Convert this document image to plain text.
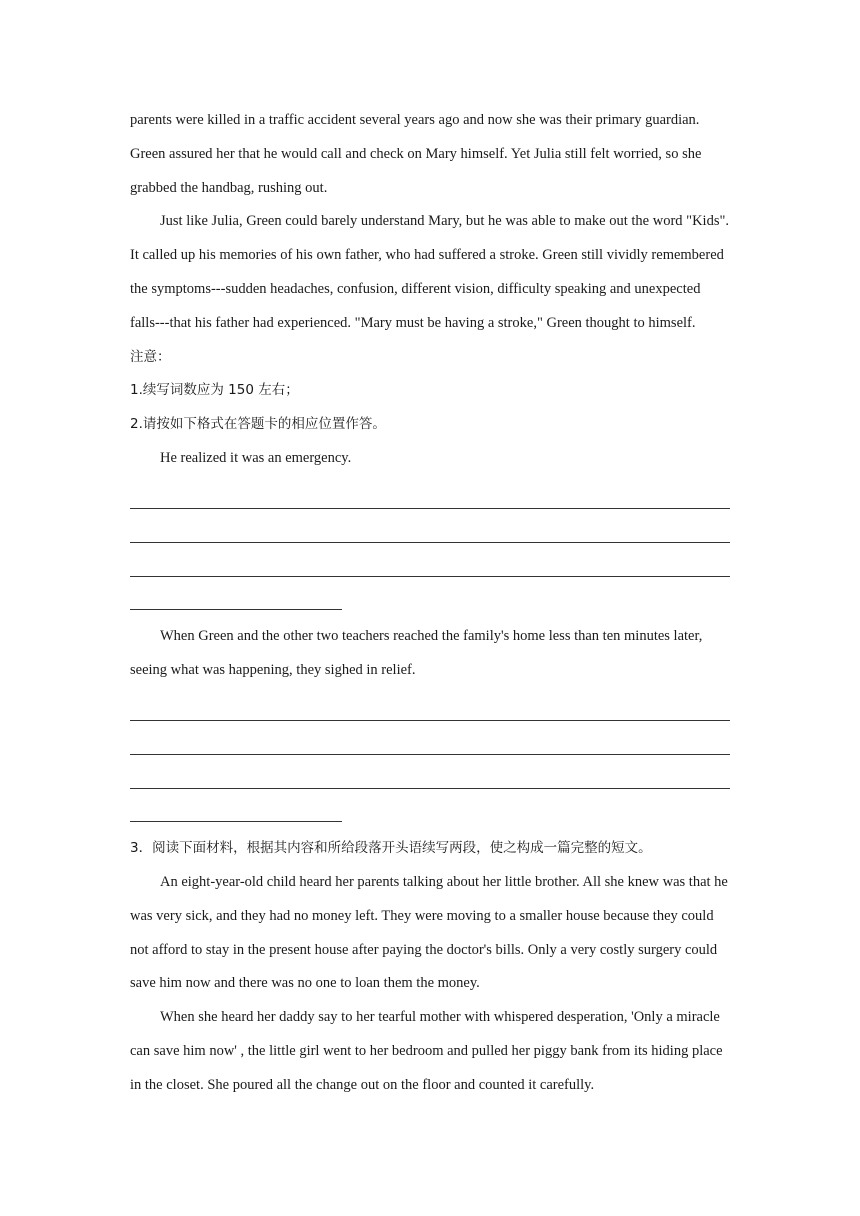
parents were killed in a traffic accident several years ago and now she was their primary guardian. Green assured her that he would call and check on Mary himself. Yet Julia still felt worried, so she grabbed the handbag, rushing out.

Just like Julia, Green could barely understand Mary, but he was able to make out the word "Kids". It called up his memories of his own father, who had suffered a stroke. Green still vividly remembered the symptoms---sudden headaches, confusion, different vision, difficulty speaking and unexpected falls---that his father had experienced. "Mary must be having a stroke," Green thought to himself.

注意：

1.续写词数应为 150 左右；

2.请按如下格式在答题卡的相应位置作答。

He realized it was an emergency.

When Green and the other two teachers reached the family's home less than ten minutes later, seeing what was happening, they sighed in relief.

3．阅读下面材料，根据其内容和所给段落开头语续写两段，使之构成一篇完整的短文。

An eight-year-old child heard her parents talking about her little brother. All she knew was that he was very sick, and they had no money left. They were moving to a smaller house because they could not afford to stay in the present house after paying the doctor's bills. Only a very costly surgery could save him now and there was no one to loan them the money.

When she heard her daddy say to her tearful mother with whispered desperation, 'Only a miracle can save him now' , the little girl went to her bedroom and pulled her piggy bank from its hiding place in the closet. She poured all the change out on the floor and counted it carefully.
